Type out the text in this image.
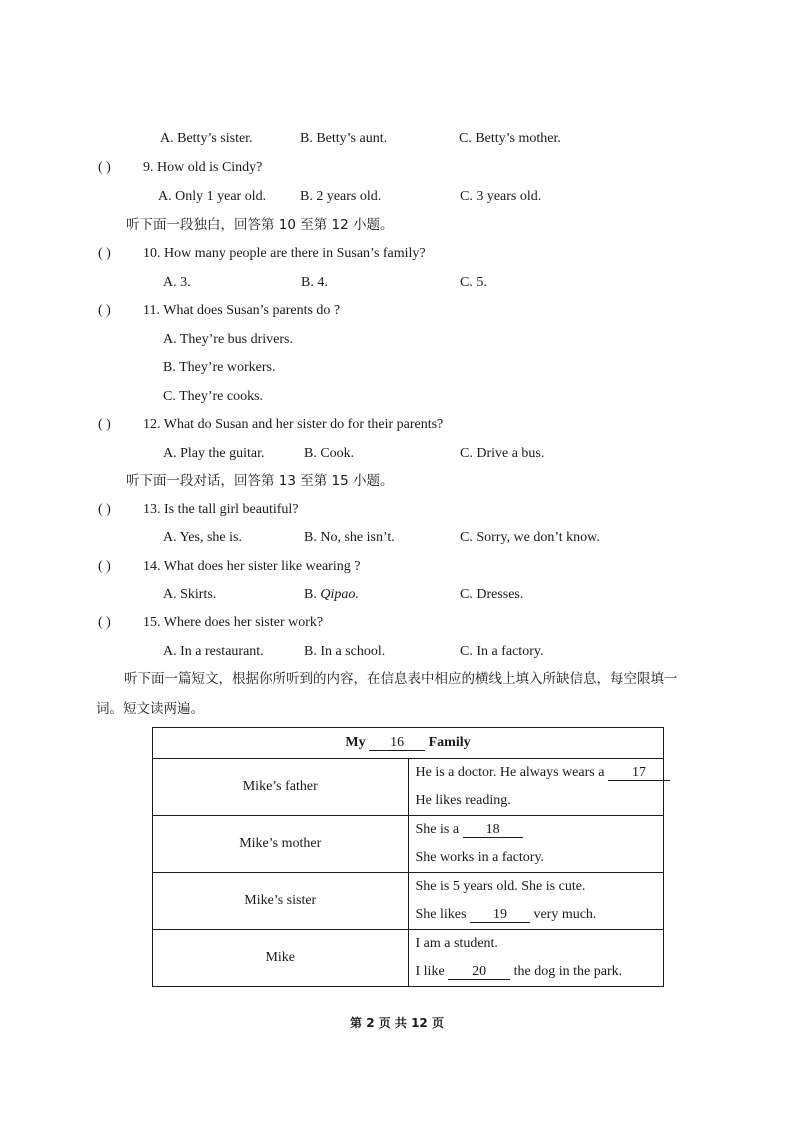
A. Betty’s sister.	B. Betty’s aunt.	C. Betty’s mother.
( ) 9. How old is Cindy?
A. Only 1 year old. B. 2 years old.	C. 3 years old.
听下面一段独白，回答第 10 至第 12 小题。
( ) 10. How many people are there in Susan’s family?
A. 3.	B. 4.	C. 5.
( ) 11. What does Susan’s parents do ?
A. They’re bus drivers.
B. They’re workers.
C. They’re cooks.
( ) 12. What do Susan and her sister do for their parents?
A. Play the guitar.	B. Cook.	C. Drive a bus.
听下面一段对话，回答第 13 至第 15 小题。
( ) 13. Is the tall girl beautiful?
A. Yes, she is.	B. No, she isn’t.	C. Sorry, we don’t know.
( ) 14. What does her sister like wearing ?
A. Skirts.	B. Qipao.	C. Dresses.
( ) 15. Where does her sister work?
A. In a restaurant.	B. In a school.	C. In a factory.
听下面一篇短文，根据你所听到的内容，在信息表中相应的横线上填入所缺信息，每空限填一词。短文读两遍。
My 16 Family	
Mike’s father	He is a doctor. He always wears a 17
He likes reading.

Mike’s mother	She is a 18
She works in a factory.

Mike’s sister	She is 5 years old. She is cute.
She likes 19 very much.

Mike	I am a student.
I like 20 the dog in the park.
第 2 页 共 12 页
